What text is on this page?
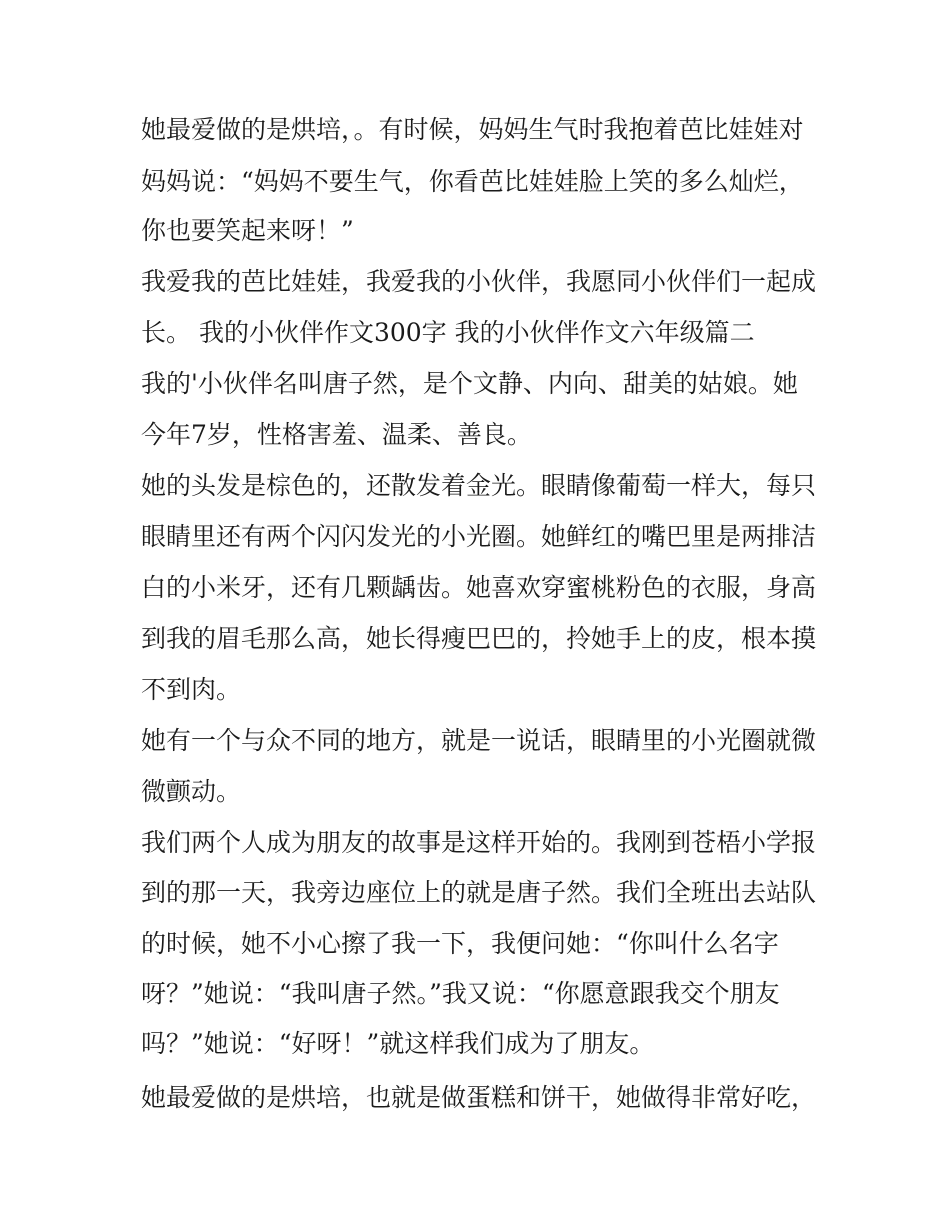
她最爱做的是烘培，。有时候，妈妈生气时我抱着芭比娃娃对
妈妈说：“妈妈不要生气，你看芭比娃娃脸上笑的多么灿烂，
你也要笑起来呀！”
我爱我的芭比娃娃，我爱我的小伙伴，我愿同小伙伴们一起成
长。 我的小伙伴作文300字 我的小伙伴作文六年级篇二
我的'小伙伴名叫唐子然，是个文静、内向、甜美的姑娘。她
今年7岁，性格害羞、温柔、善良。
她的头发是棕色的，还散发着金光。眼睛像葡萄一样大，每只
眼睛里还有两个闪闪发光的小光圈。她鲜红的嘴巴里是两排洁
白的小米牙，还有几颗龋齿。她喜欢穿蜜桃粉色的衣服，身高
到我的眉毛那么高，她长得瘦巴巴的，拎她手上的皮，根本摸
不到肉。
她有一个与众不同的地方，就是一说话，眼睛里的小光圈就微
微颤动。
我们两个人成为朋友的故事是这样开始的。我刚到苍梧小学报
到的那一天，我旁边座位上的就是唐子然。我们全班出去站队
的时候，她不小心擦了我一下，我便问她：“你叫什么名字
呀？”她说：“我叫唐子然。”我又说：“你愿意跟我交个朋友
吗？”她说：“好呀！”就这样我们成为了朋友。
她最爱做的是烘培，也就是做蛋糕和饼干，她做得非常好吃，
